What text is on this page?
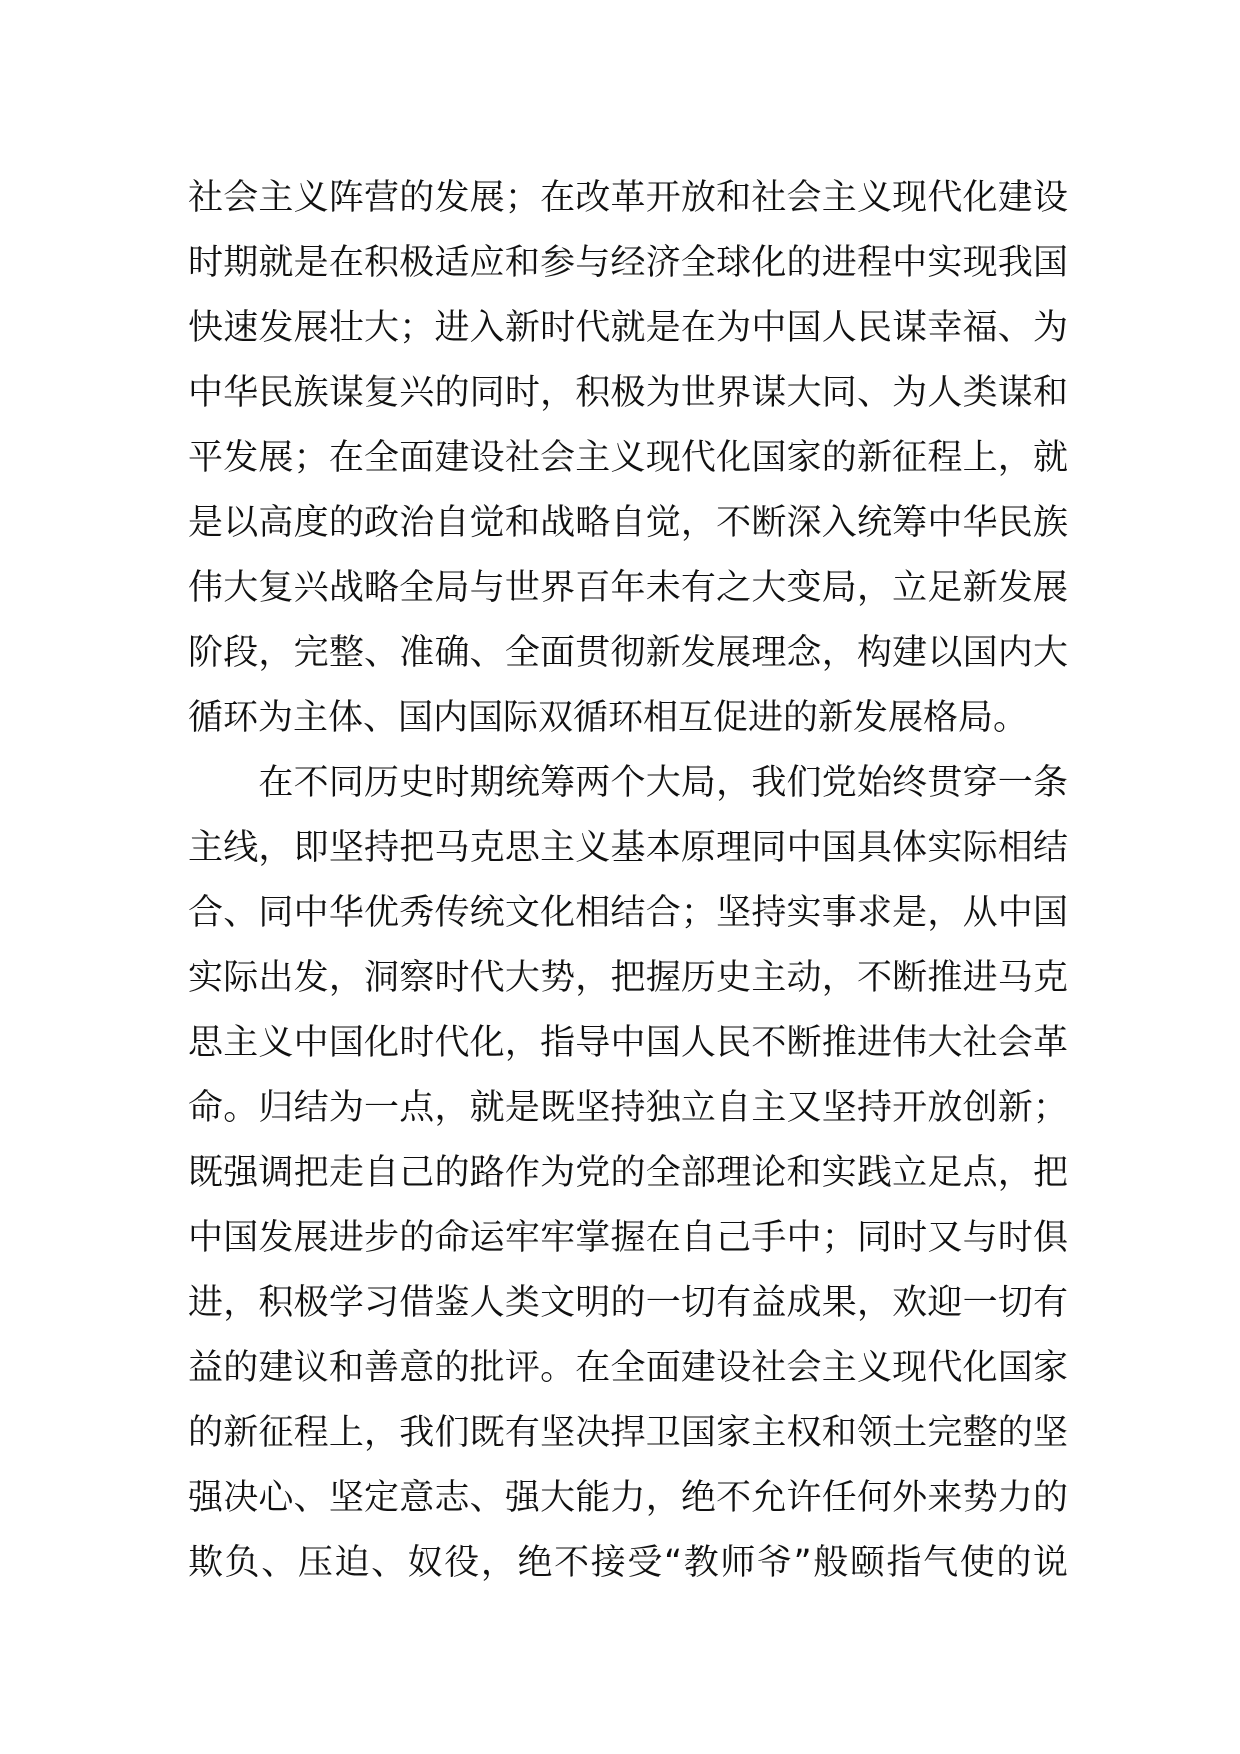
社会主义阵营的发展；在改革开放和社会主义现代化建设
时期就是在积极适应和参与经济全球化的进程中实现我国
快速发展壮大；进入新时代就是在为中国人民谋幸福、为
中华民族谋复兴的同时，积极为世界谋大同、为人类谋和
平发展；在全面建设社会主义现代化国家的新征程上，就
是以高度的政治自觉和战略自觉，不断深入统筹中华民族
伟大复兴战略全局与世界百年未有之大变局，立足新发展
阶段，完整、准确、全面贯彻新发展理念，构建以国内大
循环为主体、国内国际双循环相互促进的新发展格局。
　　在不同历史时期统筹两个大局，我们党始终贯穿一条
主线，即坚持把马克思主义基本原理同中国具体实际相结
合、同中华优秀传统文化相结合；坚持实事求是，从中国
实际出发，洞察时代大势，把握历史主动，不断推进马克
思主义中国化时代化，指导中国人民不断推进伟大社会革
命。归结为一点，就是既坚持独立自主又坚持开放创新；
既强调把走自己的路作为党的全部理论和实践立足点，把
中国发展进步的命运牢牢掌握在自己手中；同时又与时俱
进，积极学习借鉴人类文明的一切有益成果，欢迎一切有
益的建议和善意的批评。在全面建设社会主义现代化国家
的新征程上，我们既有坚决捍卫国家主权和领土完整的坚
强决心、坚定意志、强大能力，绝不允许任何外来势力的
欺负、压迫、奴役，绝不接受“教师爷”般颐指气使的说
